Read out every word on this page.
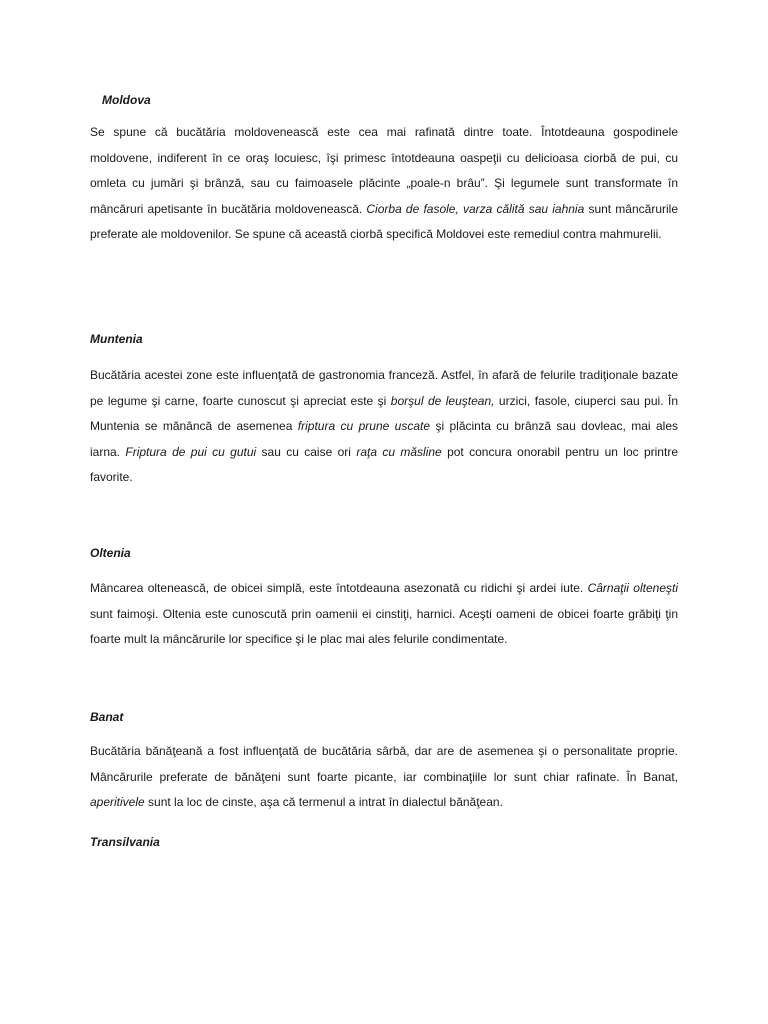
Moldova

Se spune că bucătăria moldovenească este cea mai rafinată dintre toate. Întotdeauna gospodinele moldovene, indiferent în ce oraş locuiesc, îşi primesc întotdeauna oaspeţii cu delicioasa ciorbă de pui, cu omleta cu jumări şi brânză, sau cu faimoasele plăcinte „poale-n brâu”. Şi legumele sunt transformate în mâncăruri apetisante în bucătăria moldovenească. Ciorba de fasole, varza călită sau iahnia sunt mâncărurile preferate ale moldovenilor. Se spune că această ciorbă specifică Moldovei este remediul contra mahmurelii.

Muntenia

Bucătăria acestei zone este influenţată de gastronomia franceză. Astfel, în afară de felurile tradiţionale bazate pe legume şi carne, foarte cunoscut şi apreciat este şi borşul de leuştean, urzici, fasole, ciuperci sau pui. În Muntenia se mănâncă de asemenea friptura cu prune uscate şi plăcinta cu brânză sau dovleac, mai ales iarna. Friptura de pui cu gutui sau cu caise ori raţa cu măsline pot concura onorabil pentru un loc printre favorite.

Oltenia

Mâncarea oltenească, de obicei simplă, este întotdeauna asezonată cu ridichi şi ardei iute. Cârnaţii olteneşti sunt faimoşi. Oltenia este cunoscută prin oamenii ei cinstiţi, harnici. Aceşti oameni de obicei foarte grăbiţi ţin foarte mult la mâncărurile lor specifice şi le plac mai ales felurile condimentate.

Banat

Bucătăria bănăţeană a fost influenţată de bucătăria sârbă, dar are de asemenea şi o personalitate proprie. Mâncărurile preferate de bănăţeni sunt foarte picante, iar combinaţiile lor sunt chiar rafinate. În Banat, aperitivele sunt la loc de cinste, aşa că termenul a intrat în dialectul bănăţean.

Transilvania
